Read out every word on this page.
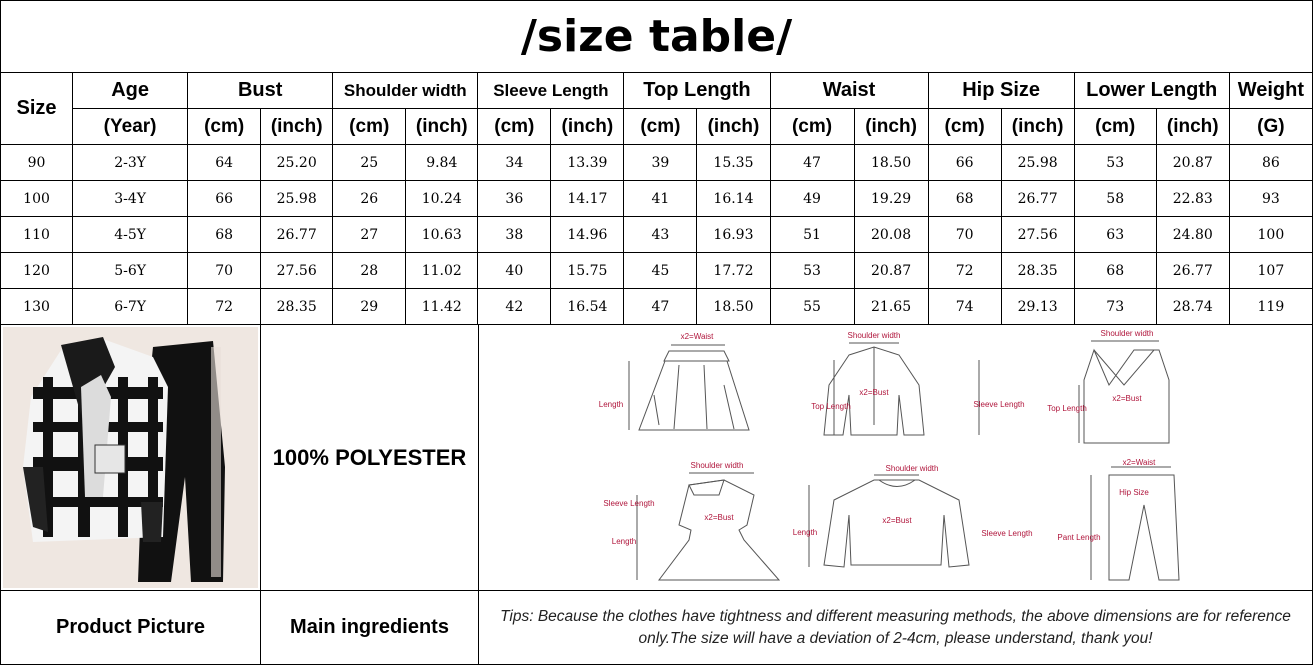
/size table/																
Size	Age	Bust		Shoulder width		Sleeve Length		Top Length		Waist		Hip Size		Lower Length		Weight
	(Year)	(cm)	(inch)	(cm)	(inch)	(cm)	(inch)	(cm)	(inch)	(cm)	(inch)	(cm)	(inch)	(cm)	(inch)	(G)
90	2-3Y	64	25.20	25	9.84	34	13.39	39	15.35	47	18.50	66	25.98	53	20.87	86
100	3-4Y	66	25.98	26	10.24	36	14.17	41	16.14	49	19.29	68	26.77	58	22.83	93
110	4-5Y	68	26.77	27	10.63	38	14.96	43	16.93	51	20.08	70	27.56	63	24.80	100
120	5-6Y	70	27.56	28	11.02	40	15.75	45	17.72	53	20.87	72	28.35	68	26.77	107
130	6-7Y	72	28.35	29	11.42	42	16.54	47	18.50	55	21.65	74	29.13	73	28.74	119
100% POLYESTER
x2=Waist
Length
Shoulder width
x2=Bust
Top Length	Sleeve Length
Shoulder width
x2=Bust
Top Length
Shoulder width
Sleeve Length
x2=Bust
Length
Shoulder width
x2=Bust
Length	Sleeve Length
x2=Waist
Hip Size
Pant Length
Product Picture	Main ingredients	Tips: Because the clothes have tightness and different measuring methods, the above dimensions are for reference only.The size will have a deviation of 2-4cm, please understand, thank you!
